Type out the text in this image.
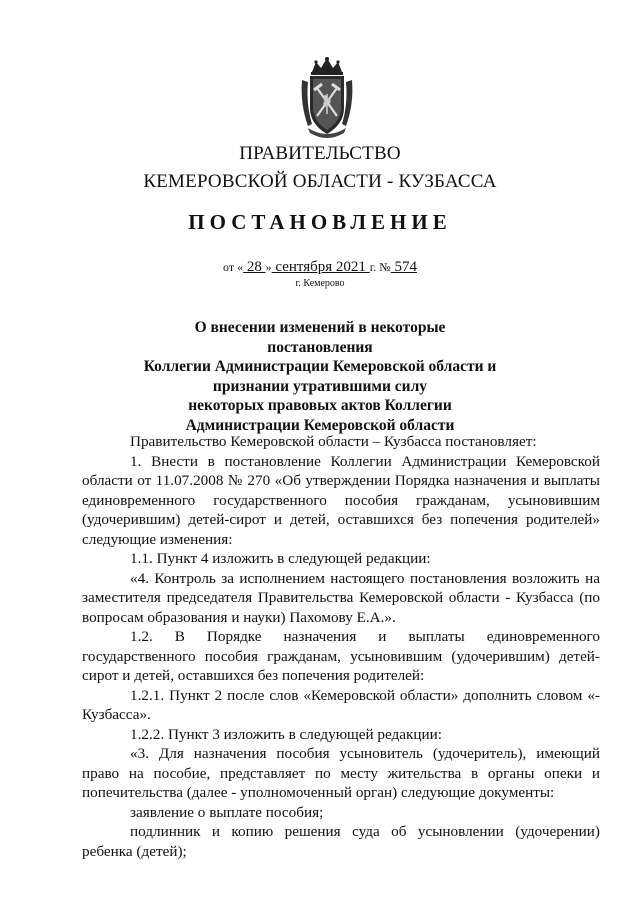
ПРАВИТЕЛЬСТВО
КЕМЕРОВСКОЙ ОБЛАСТИ - КУЗБАССА
ПОСТАНОВЛЕНИЕ
от « 28 » сентября 2021 г. № 574
г. Кемерово
О внесении изменений в некоторые постановления
Коллегии Администрации Кемеровской области и
признании утратившими силу
некоторых правовых актов Коллегии
Администрации Кемеровской области

Правительство Кемеровской области – Кузбасса постановляет:

1. Внести в постановление Коллегии Администрации Кемеровской области от 11.07.2008 № 270 «Об утверждении Порядка назначения и выплаты единовременного государственного пособия гражданам, усыновившим (удочерившим) детей-сирот и детей, оставшихся без попечения родителей» следующие изменения:

1.1. Пункт 4 изложить в следующей редакции:

«4. Контроль за исполнением настоящего постановления возложить на заместителя председателя Правительства Кемеровской области - Кузбасса (по вопросам образования и науки) Пахомову Е.А.».

1.2. В Порядке назначения и выплаты единовременного государственного пособия гражданам, усыновившим (удочерившим) детей-сирот и детей, оставшихся без попечения родителей:

1.2.1. Пункт 2 после слов «Кемеровской области» дополнить словом «- Кузбасса».

1.2.2. Пункт 3 изложить в следующей редакции:

«3. Для назначения пособия усыновитель (удочеритель), имеющий право на пособие, представляет по месту жительства в органы опеки и попечительства (далее - уполномоченный орган) следующие документы:

заявление о выплате пособия;

подлинник и копию решения суда об усыновлении (удочерении) ребенка (детей);
